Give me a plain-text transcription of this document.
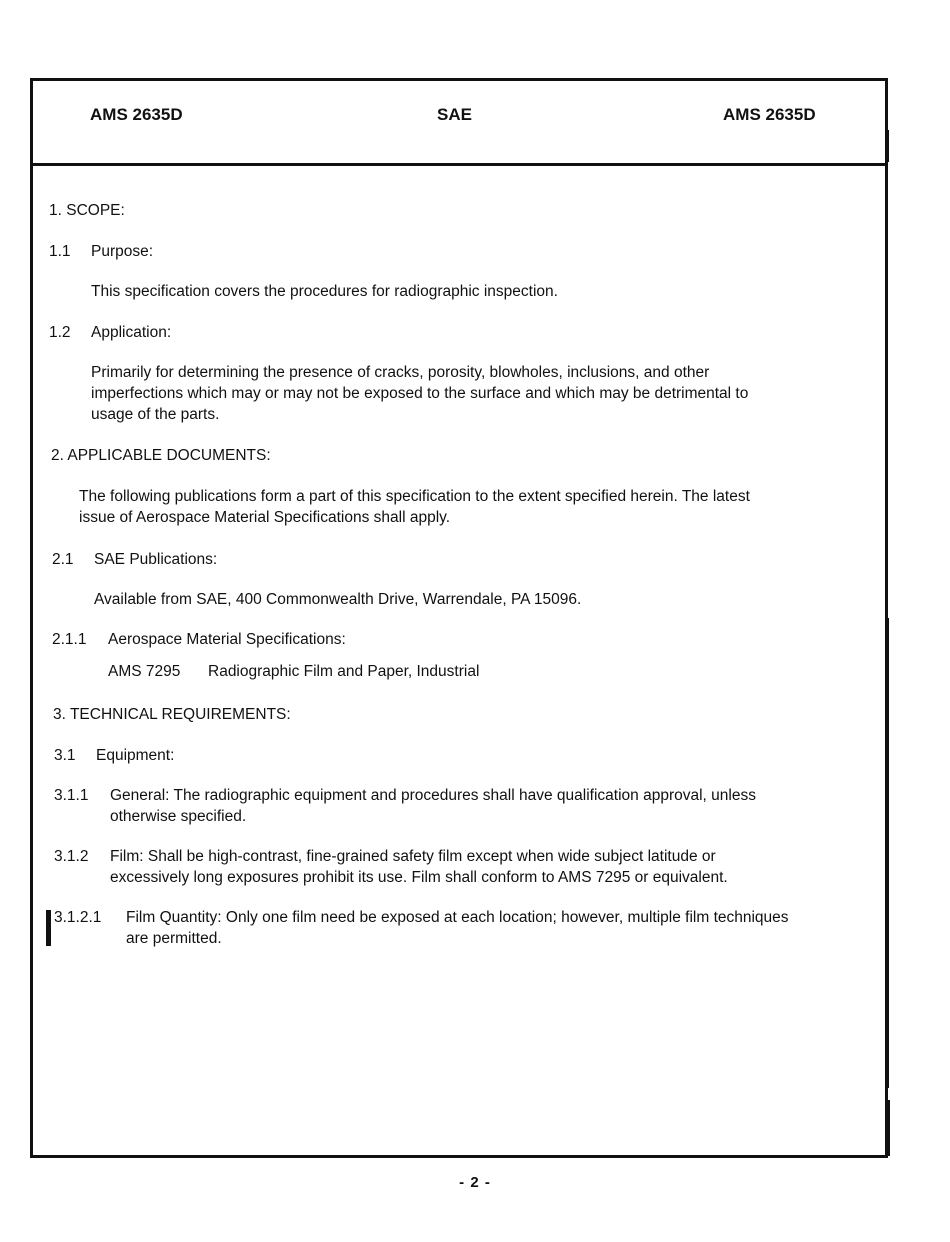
AMS 2635D	SAE	AMS 2635D
1. SCOPE:
1.1 Purpose:
This specification covers the procedures for radiographic inspection.
1.2 Application:
Primarily for determining the presence of cracks, porosity, blowholes, inclusions, and other
imperfections which may or may not be exposed to the surface and which may be detrimental to
usage of the parts.
2. APPLICABLE DOCUMENTS:
The following publications form a part of this specification to the extent specified herein. The latest
issue of Aerospace Material Specifications shall apply.
2.1 SAE Publications:
Available from SAE, 400 Commonwealth Drive, Warrendale, PA 15096.
2.1.1 Aerospace Material Specifications:
AMS 7295 Radiographic Film and Paper, Industrial
3. TECHNICAL REQUIREMENTS:
3.1 Equipment:
3.1.1 General: The radiographic equipment and procedures shall have qualification approval, unless
otherwise specified.
3.1.2 Film: Shall be high-contrast, fine-grained safety film except when wide subject latitude or
excessively long exposures prohibit its use. Film shall conform to AMS 7295 or equivalent.
3.1.2.1 Film Quantity: Only one film need be exposed at each location; however, multiple film techniques
are permitted.
- 2 -
